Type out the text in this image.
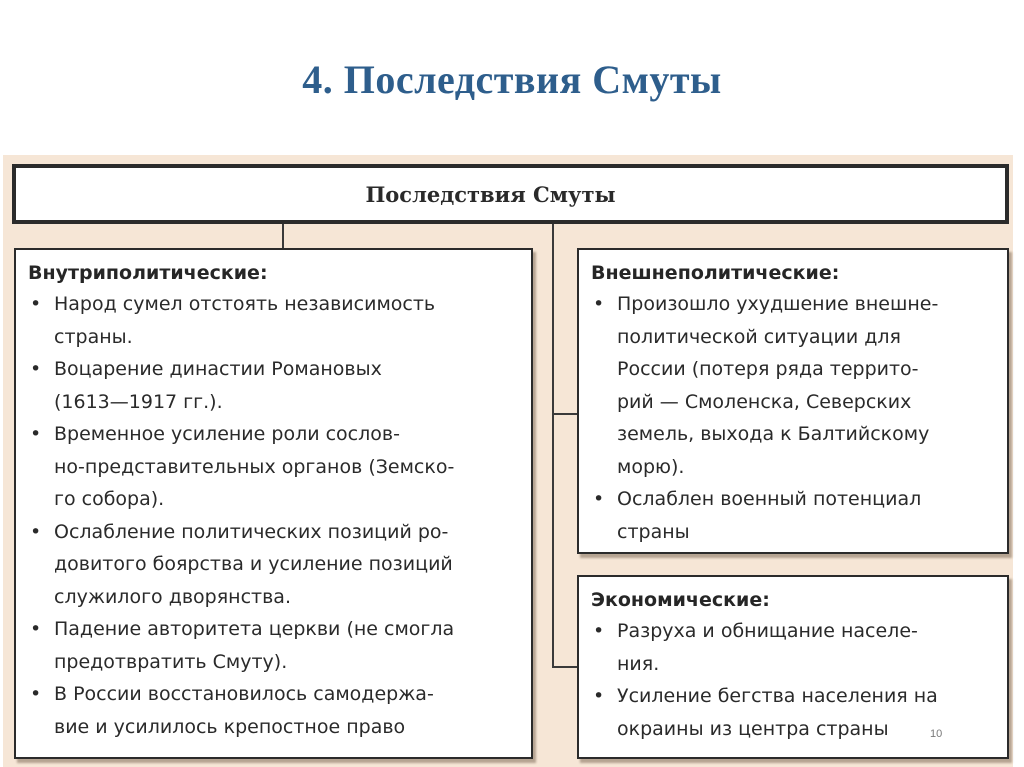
4. Последствия Смуты
Последствия Смуты
Внутриполитические:
• Народ сумел отстоять независимость
страны.
• Воцарение династии Романовых
(1613—1917 гг.).
• Временное усиление роли сослов-
но-представительных органов (Земско-
го собора).
• Ослабление политических позиций ро-
довитого боярства и усиление позиций
служилого дворянства.
• Падение авторитета церкви (не смогла
предотвратить Смуту).
• В России восстановилось самодержа-
вие и усилилось крепостное право
Внешнеполитические:
• Произошло ухудшение внешне-
политической ситуации для
России (потеря ряда террито-
рий — Смоленска, Северских
земель, выхода к Балтийскому
морю).
• Ослаблен военный потенциал
страны
Экономические:
• Разруха и обнищание населе-
ния.
• Усиление бегства населения на
окраины из центра страны	10
